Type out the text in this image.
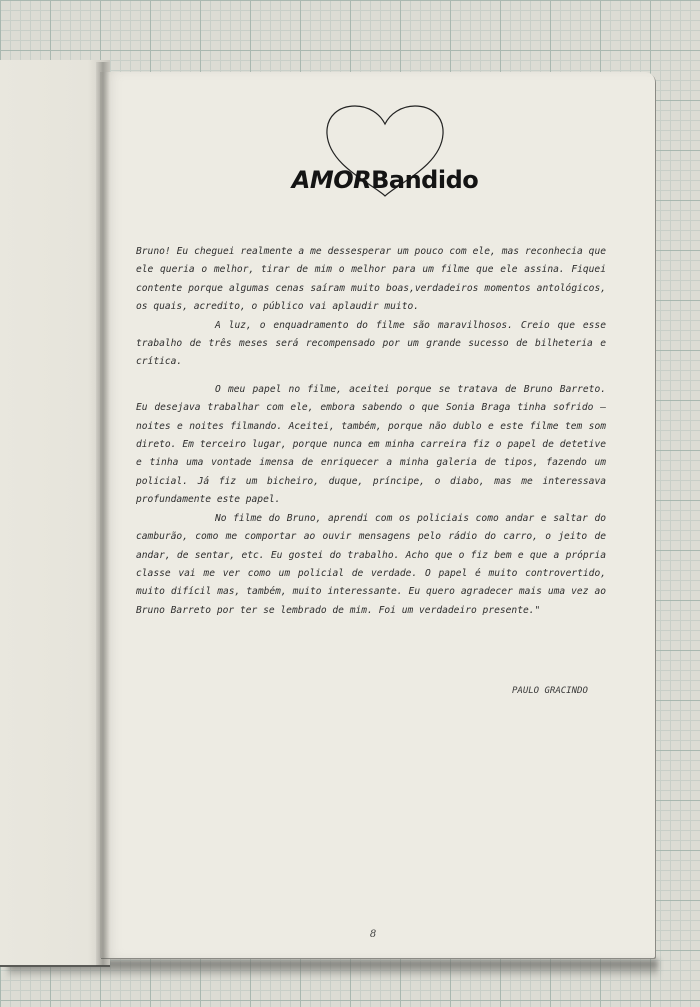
AMORBandido

Bruno! Eu cheguei realmente a me dessesperar um pouco com ele, mas reconhecia que ele queria o melhor, tirar de mim o melhor para um filme que ele assina. Fiquei contente porque algumas cenas saíram muito boas,verdadeiros momentos antológicos, os quais, acredito, o público vai aplaudir muito.

A luz, o enquadramento do filme são maravilhosos. Creio que esse trabalho de três meses será recompensado por um grande sucesso de bilheteria e crítica.

O meu papel no filme, aceitei porque se tratava de Bruno Barreto. Eu desejava trabalhar com ele, embora sabendo o que Sonia Braga tinha sofrido — noites e noites filmando. Aceitei, também, porque não dublo e este filme tem som direto. Em terceiro lugar, porque nunca em minha carreira fiz o papel de detetive e tinha uma vontade imensa de enriquecer a minha galeria de tipos, fazendo um policial. Já fiz um bicheiro, duque, príncipe, o diabo, mas me interessava profundamente este papel.

No filme do Bruno, aprendi com os policiais como andar e saltar do camburão, como me comportar ao ouvir mensagens pelo rádio do carro, o jeito de andar, de sentar, etc. Eu gostei do trabalho. Acho que o fiz bem e que a própria classe vai me ver como um policial de verdade. O papel é muito controvertido, muito difícil mas, também, muito interessante. Eu quero agradecer mais uma vez ao Bruno Barreto por ter se lembrado de mim. Foi um verdadeiro presente."

PAULO GRACINDO
8
